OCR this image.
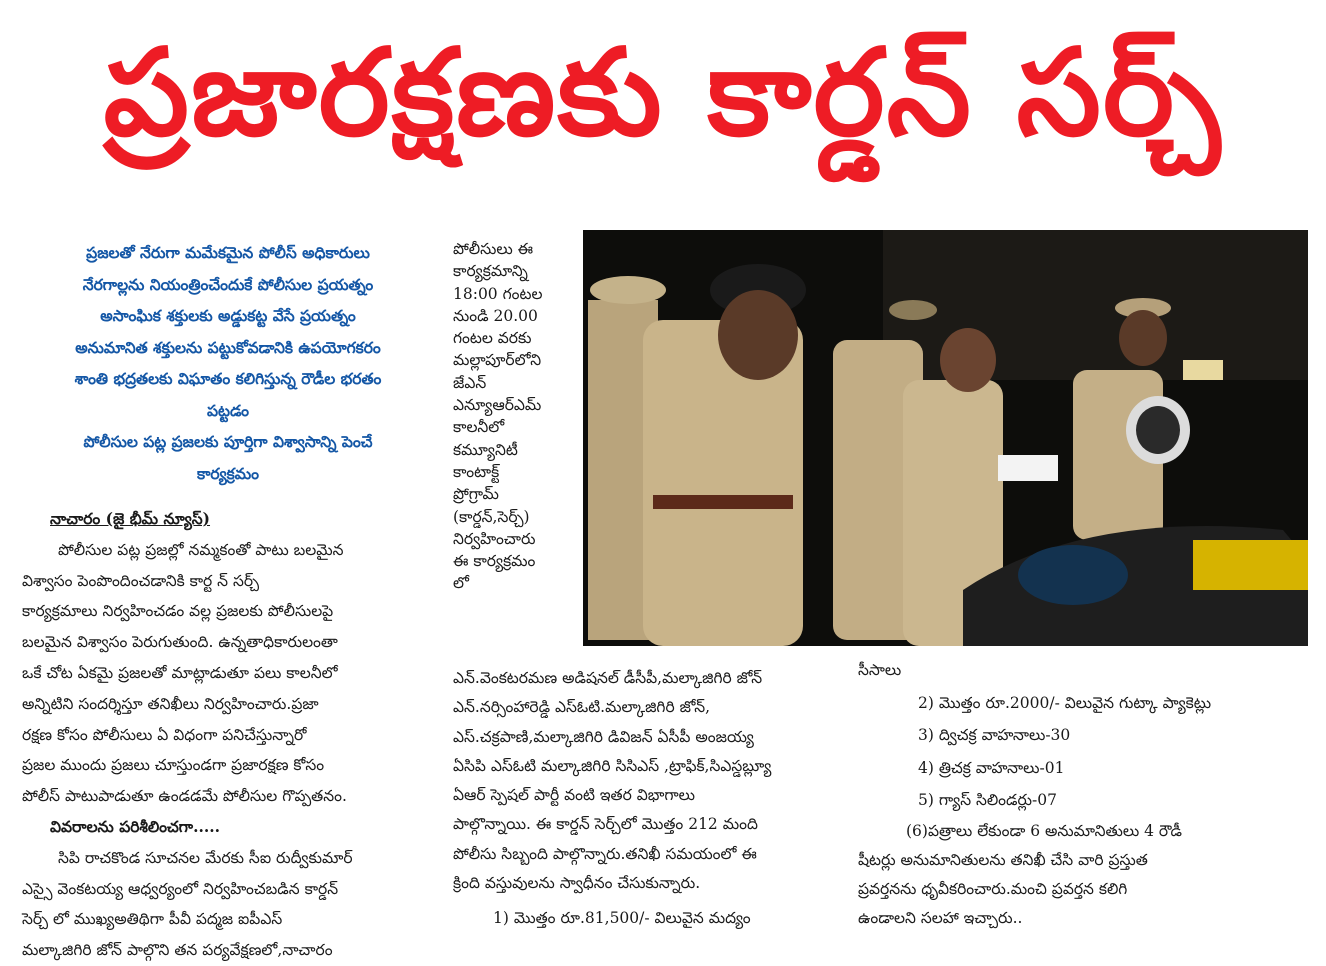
ప్రజారక్షణకు కార్డన్ సర్చ్
ప్రజలతో నేరుగా మమేకమైన పోలీస్ అధికారులు
నేరగాల్లను నియంత్రించేందుకే పోలీసుల ప్రయత్నం
అసాంఘిక శక్తులకు అడ్డుకట్ట వేసే ప్రయత్నం
అనుమానిత శక్తులను పట్టుకోవడానికి ఉపయోగకరం
శాంతి భద్రతలకు విఘాతం కలిగిస్తున్న రౌడీల భరతం
పట్టడం
పోలీసుల పట్ల ప్రజలకు పూర్తిగా విశ్వాసాన్ని పెంచే
కార్యక్రమం

నాచారం (జై భీమ్ న్యూస్)

పోలీసుల పట్ల ప్రజల్లో నమ్మకంతో పాటు బలమైన

విశ్వాసం పెంపొందించడానికి కార్ట న్ సర్చ్

కార్యక్రమాలు నిర్వహించడం వల్ల ప్రజలకు పోలీసులపై

బలమైన విశ్వాసం పెరుగుతుంది. ఉన్నతాధికారులంతా

ఒకే చోట ఏకమై ప్రజలతో మాట్లాడుతూ పలు కాలనీలో

అన్నిటిని సందర్శిస్తూ తనిఖీలు నిర్వహించారు.ప్రజా

రక్షణ కోసం పోలీసులు ఏ విధంగా పనిచేస్తున్నారో

ప్రజల ముందు ప్రజలు చూస్తుండగా ప్రజారక్షణ కోసం

పోలీస్ పాటుపాడుతూ ఉండడమే పోలీసుల గొప్పతనం.

వివరాలను పరిశీలించగా.....

సిపి రాచకొండ సూచనల మేరకు సీఐ రుద్వీకుమార్

ఎస్సై వెంకటయ్య ఆధ్వర్యంలో నిర్వహించబడిన కార్డన్

సెర్చ్ లో ముఖ్యఅతిథిగా పీవీ పద్మజ ఐపీఎస్

మల్కాజిగిరి జోన్ పాల్గొని తన పర్యవేక్షణలో,నాచారం

పోలీసులు ఈ

కార్యక్రమాన్ని

18:00 గంటల

నుండి 20.00

గంటల వరకు

మల్లాపూర్‌లోని

జేఎన్

ఎన్యూఆర్ఎమ్

కాలనీలో

కమ్యూనిటీ

కాంటాక్ట్

ప్రోగ్రామ్

(కార్డన్,సెర్చ్)

నిర్వహించారు

ఈ కార్యక్రమం

లో

ఎన్.వెంకటరమణ అడిషనల్ డీసీపీ,మల్కాజిగిరి జోన్

ఎన్.నర్సింహారెడ్డి ఎస్ఓటి.మల్కాజిగిరి జోన్,

ఎస్.చక్రపాణి,మల్కాజిగిరి డివిజన్ ఏసీపీ అంజయ్య

ఏసిపి ఎస్ఓటి మల్కాజిగిరి సిసిఎస్ ,ట్రాఫిక్,సిఎస్డబ్ల్యూ

ఏఆర్ స్పెషల్ పార్టీ వంటి ఇతర విభాగాలు

పాల్గొన్నాయి. ఈ కార్డన్ సెర్చ్‌లో మొత్తం 212 మంది

పోలీసు సిబ్బంది పాల్గొన్నారు.తనిఖీ సమయంలో ఈ

క్రింది వస్తువులను స్వాధీనం చేసుకున్నారు.

1) మొత్తం రూ.81,500/- విలువైన మద్యం

సీసాలు

2) మొత్తం రూ.2000/- విలువైన గుట్కా ప్యాకెట్లు

3) ద్విచక్ర వాహనాలు-30

4) త్రిచక్ర వాహనాలు-01

5) గ్యాస్ సిలిండర్లు-07

(6)పత్రాలు లేకుండా 6 అనుమానితులు 4 రౌడీ

షీటర్లు అనుమానితులను తనిఖీ చేసి వారి ప్రస్తుత

ప్రవర్తనను ధృవీకరించారు.మంచి ప్రవర్తన కలిగి

ఉండాలని సలహా ఇచ్చారు..
